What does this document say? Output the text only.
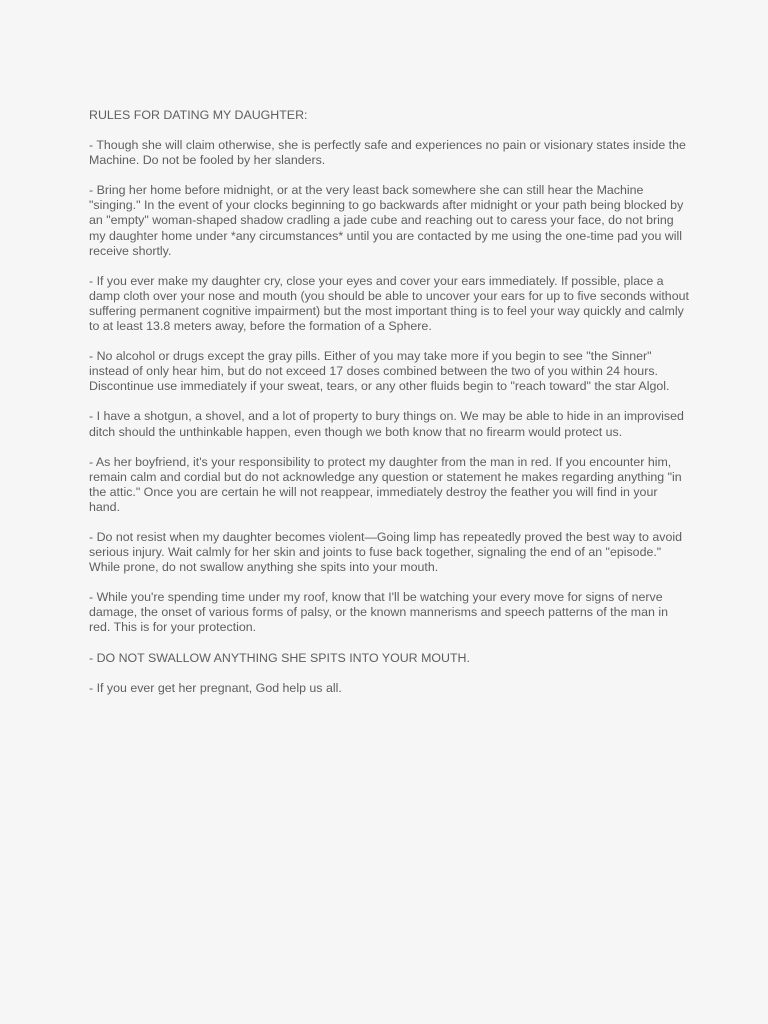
RULES FOR DATING MY DAUGHTER:
- Though she will claim otherwise, she is perfectly safe and experiences no pain or visionary states inside the Machine. Do not be fooled by her slanders.
- Bring her home before midnight, or at the very least back somewhere she can still hear the Machine "singing." In the event of your clocks beginning to go backwards after midnight or your path being blocked by an "empty" woman-shaped shadow cradling a jade cube and reaching out to caress your face, do not bring my daughter home under *any circumstances* until you are contacted by me using the one-time pad you will receive shortly.
- If you ever make my daughter cry, close your eyes and cover your ears immediately. If possible, place a damp cloth over your nose and mouth (you should be able to uncover your ears for up to five seconds without suffering permanent cognitive impairment) but the most important thing is to feel your way quickly and calmly to at least 13.8 meters away, before the formation of a Sphere.
- No alcohol or drugs except the gray pills. Either of you may take more if you begin to see "the Sinner" instead of only hear him, but do not exceed 17 doses combined between the two of you within 24 hours. Discontinue use immediately if your sweat, tears, or any other fluids begin to "reach toward" the star Algol.
- I have a shotgun, a shovel, and a lot of property to bury things on. We may be able to hide in an improvised ditch should the unthinkable happen, even though we both know that no firearm would protect us.
- As her boyfriend, it's your responsibility to protect my daughter from the man in red. If you encounter him, remain calm and cordial but do not acknowledge any question or statement he makes regarding anything "in the attic." Once you are certain he will not reappear, immediately destroy the feather you will find in your hand.
- Do not resist when my daughter becomes violent—Going limp has repeatedly proved the best way to avoid serious injury. Wait calmly for her skin and joints to fuse back together, signaling the end of an "episode." While prone, do not swallow anything she spits into your mouth.
- While you're spending time under my roof, know that I'll be watching your every move for signs of nerve damage, the onset of various forms of palsy, or the known mannerisms and speech patterns of the man in red. This is for your protection.
- DO NOT SWALLOW ANYTHING SHE SPITS INTO YOUR MOUTH.
- If you ever get her pregnant, God help us all.
